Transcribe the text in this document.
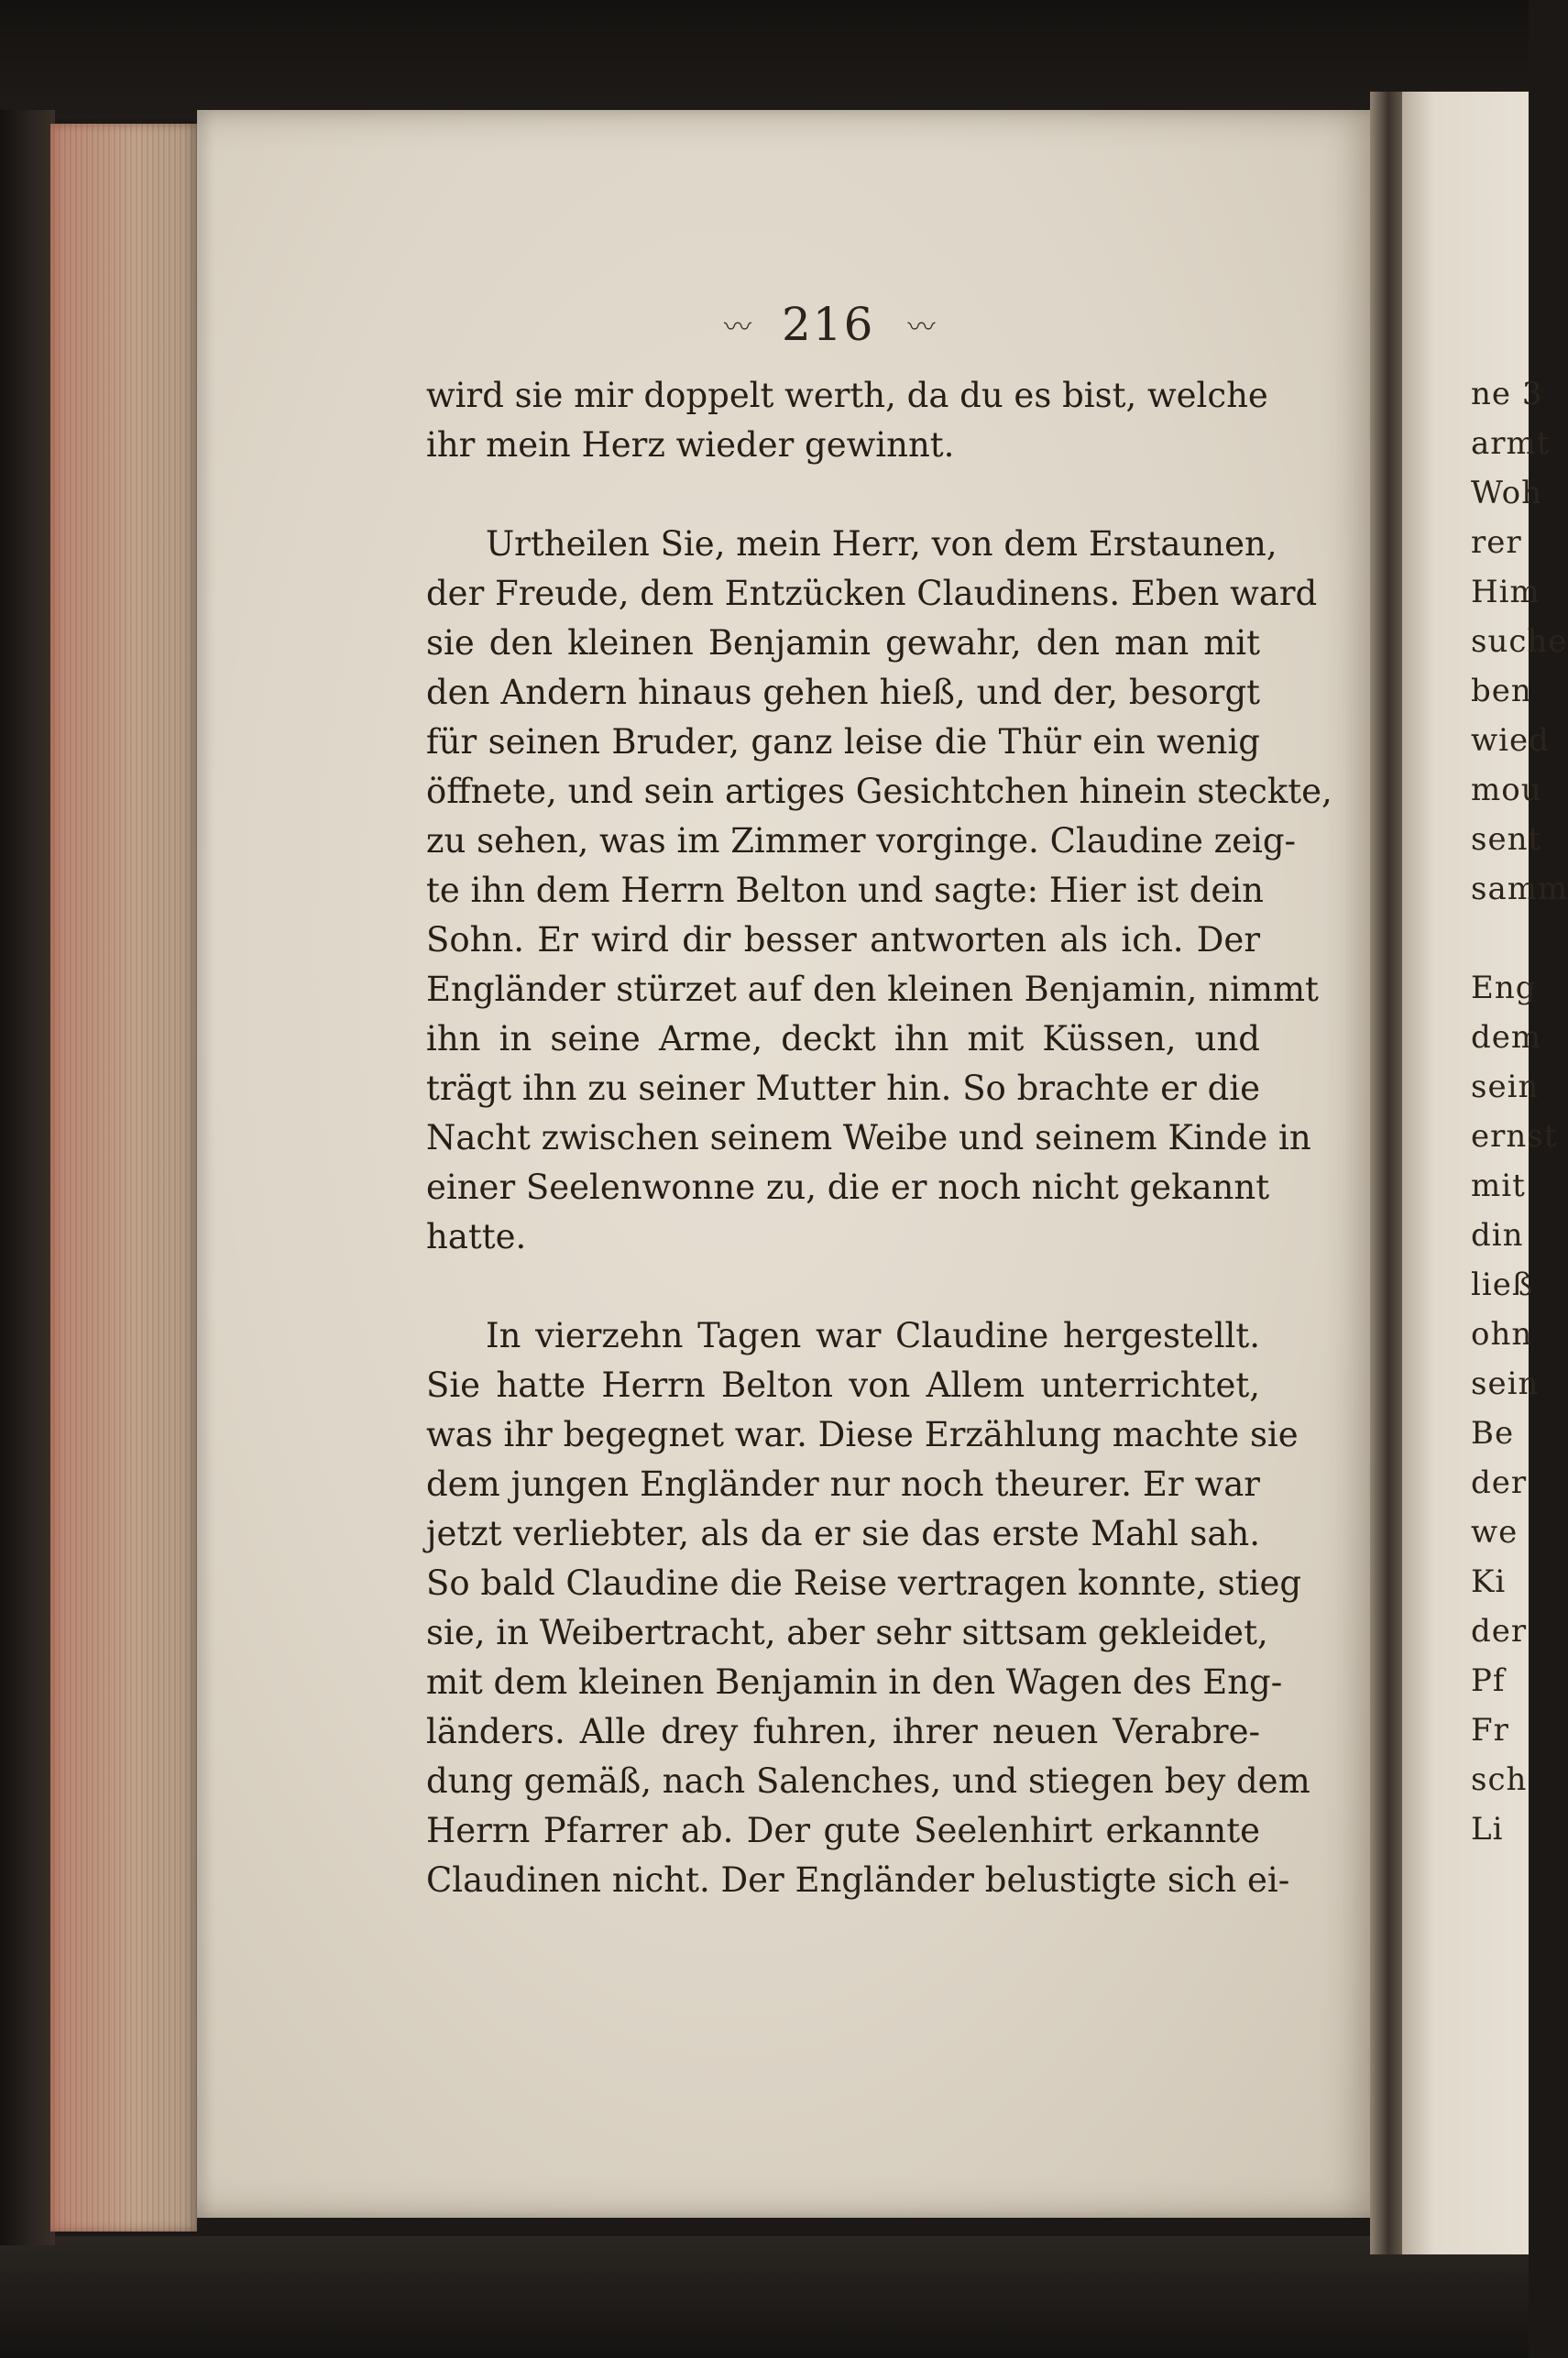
ne 3
armt
Woh
rer
Him
suche
ben
wied
mou
sent
samm
Eng
dem
sein
ernst
mit
din
ließ
ohn
sein
Be
der
we
Ki
der
Pf
Fr
sch
Li
〰 216 〰
wird sie mir doppelt werth, da du es bist, welche
ihr mein Herz wieder gewinnt.
Urtheilen Sie, mein Herr, von dem Erstaunen,
der Freude, dem Entzücken Claudinens. Eben ward
sie den kleinen Benjamin gewahr, den man mit
den Andern hinaus gehen hieß, und der, besorgt
für seinen Bruder, ganz leise die Thür ein wenig
öffnete, und sein artiges Gesichtchen hinein steckte,
zu sehen, was im Zimmer vorginge. Claudine zeig-
te ihn dem Herrn Belton und sagte: Hier ist dein
Sohn. Er wird dir besser antworten als ich. Der
Engländer stürzet auf den kleinen Benjamin, nimmt
ihn in seine Arme, deckt ihn mit Küssen, und
trägt ihn zu seiner Mutter hin. So brachte er die
Nacht zwischen seinem Weibe und seinem Kinde in
einer Seelenwonne zu, die er noch nicht gekannt
hatte.
In vierzehn Tagen war Claudine hergestellt.
Sie hatte Herrn Belton von Allem unterrichtet,
was ihr begegnet war. Diese Erzählung machte sie
dem jungen Engländer nur noch theurer. Er war
jetzt verliebter, als da er sie das erste Mahl sah.
So bald Claudine die Reise vertragen konnte, stieg
sie, in Weibertracht, aber sehr sittsam gekleidet,
mit dem kleinen Benjamin in den Wagen des Eng-
länders. Alle drey fuhren, ihrer neuen Verabre-
dung gemäß, nach Salenches, und stiegen bey dem
Herrn Pfarrer ab. Der gute Seelenhirt erkannte
Claudinen nicht. Der Engländer belustigte sich ei-
